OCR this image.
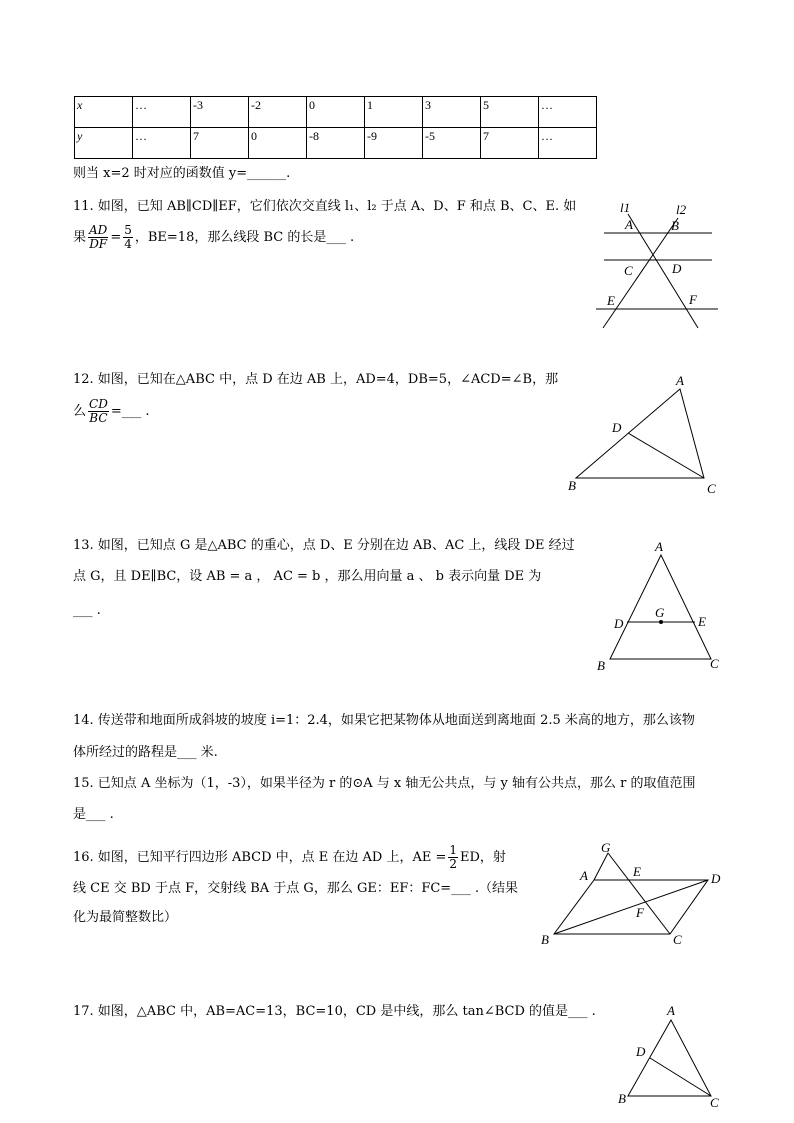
x	…	-3	-2	0	1	3	5	…
y	…	7	0	-8	-9	-5	7	…
则当 x=2 时对应的函数值 y=______.
11. 如图，已知 AB∥CD∥EF，它们依次交直线 l₁、l₂ 于点 A、D、F 和点 B、C、E. 如
果 $\frac{AD}{DF} = \frac{5}{4}$ ，BE=18，那么线段 BC 的长是___ .
l1	l2
A	B
C	D
E	F
12. 如图，已知在△ABC 中，点 D 在边 AB 上，AD=4，DB=5，∠ACD=∠B，那
么 $\frac{CD}{BC}$ =___ .
A
D
B	C
13. 如图，已知点 G 是△ABC 的重心，点 D、E 分别在边 AB、AC 上，线段 DE 经过
点 G，且 DE∥BC，设 AB = a ， AC = b ，那么用向量 a 、 b 表示向量 DE 为
___ .
A
G
D	E
B	C
14. 传送带和地面所成斜坡的坡度 i=1：2.4，如果它把某物体从地面送到离地面 2.5 米高的地方，那么该物
体所经过的路程是___ 米.
15. 已知点 A 坐标为（1，-3），如果半径为 r 的⊙A 与 x 轴无公共点，与 y 轴有公共点，那么 r 的取值范围
是___ .
16. 如图，已知平行四边形 ABCD 中，点 E 在边 AD 上，AE = $\frac{1}{2}$ ED，射
线 CE 交 BD 于点 F，交射线 BA 于点 G，那么 GE：EF：FC=___ .（结果
化为最简整数比）
G
A	E	D
F
B	C
17. 如图，△ABC 中，AB=AC=13，BC=10，CD 是中线，那么 tan∠BCD 的值是___ .	A
D
B	C
